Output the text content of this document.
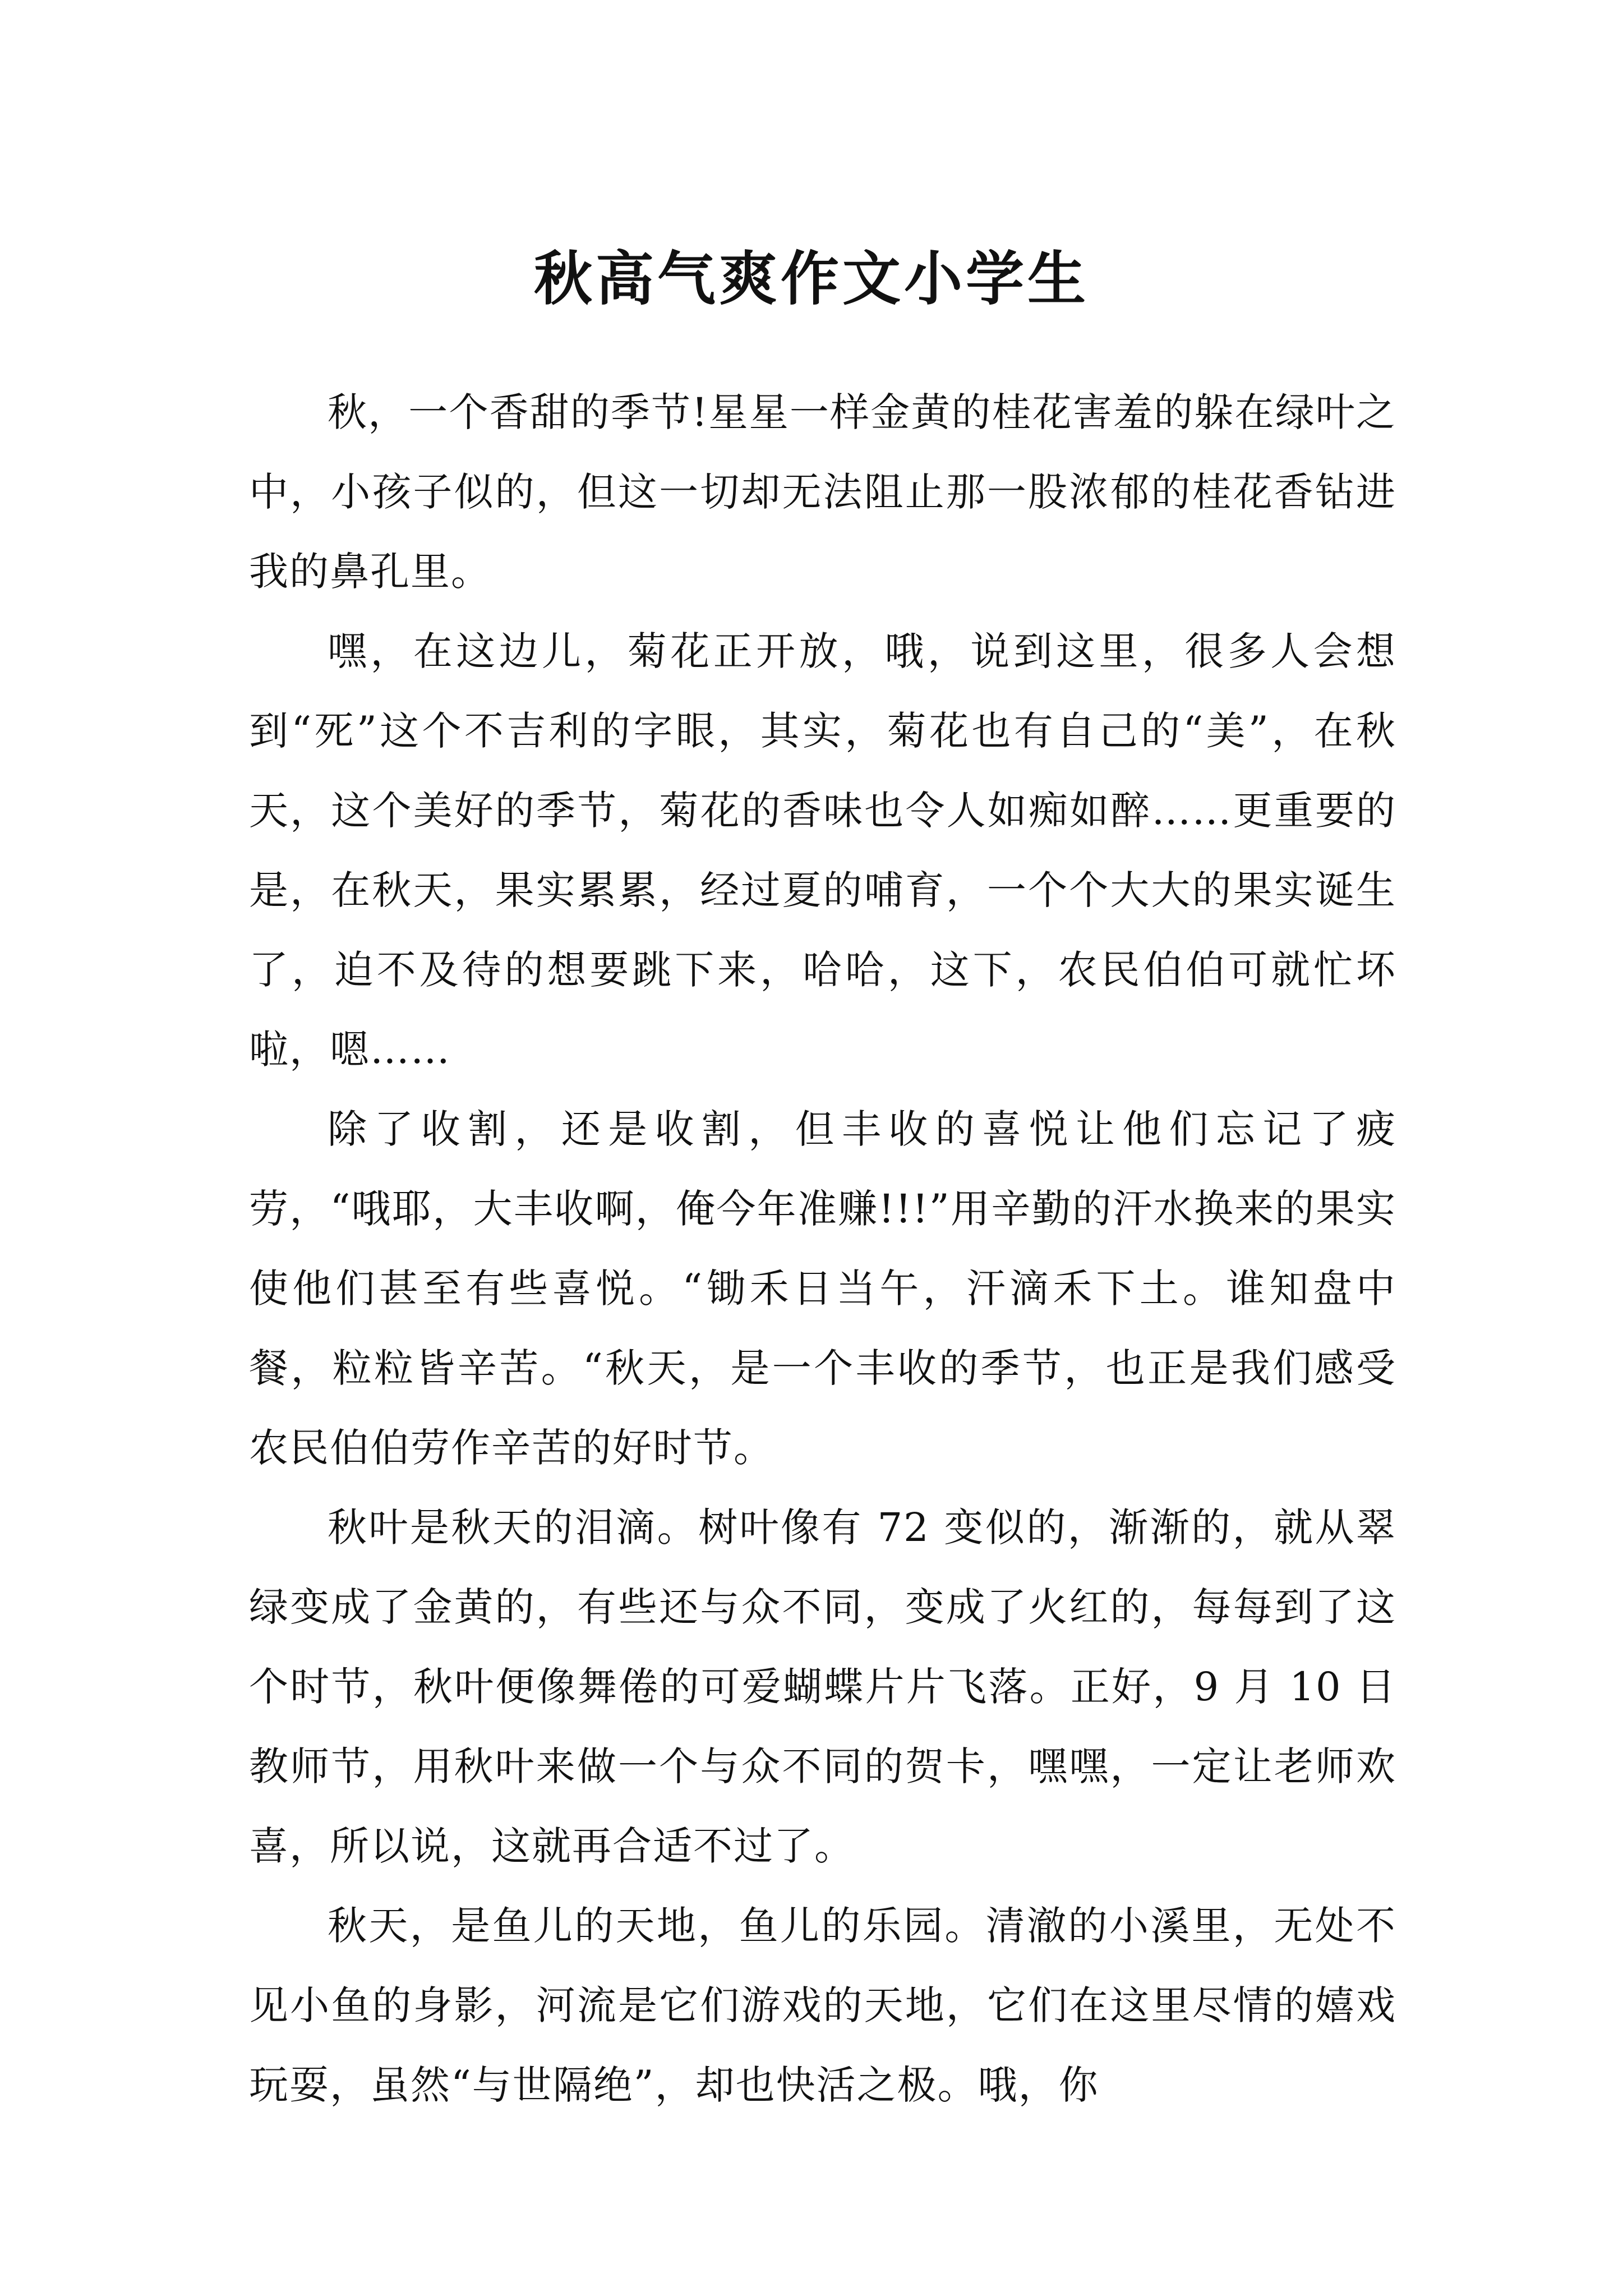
秋高气爽作文小学生

秋，一个香甜的季节!星星一样金黄的桂花害羞的躲在绿叶之中，小孩子似的，但这一切却无法阻止那一股浓郁的桂花香钻进我的鼻孔里。

嘿，在这边儿，菊花正开放，哦，说到这里，很多人会想到“死”这个不吉利的字眼，其实，菊花也有自己的“美”，在秋天，这个美好的季节，菊花的香味也令人如痴如醉……更重要的是，在秋天，果实累累，经过夏的哺育，一个个大大的果实诞生了，迫不及待的想要跳下来，哈哈，这下，农民伯伯可就忙坏啦，嗯……

除了收割，还是收割，但丰收的喜悦让他们忘记了疲劳，“哦耶，大丰收啊，俺今年准赚!!!”用辛勤的汗水换来的果实使他们甚至有些喜悦。“锄禾日当午，汗滴禾下土。谁知盘中餐，粒粒皆辛苦。“秋天，是一个丰收的季节，也正是我们感受农民伯伯劳作辛苦的好时节。

秋叶是秋天的泪滴。树叶像有 72 变似的，渐渐的，就从翠绿变成了金黄的，有些还与众不同，变成了火红的，每每到了这个时节，秋叶便像舞倦的可爱蝴蝶片片飞落。正好，9 月 10 日教师节，用秋叶来做一个与众不同的贺卡，嘿嘿，一定让老师欢喜，所以说，这就再合适不过了。

秋天，是鱼儿的天地，鱼儿的乐园。清澈的小溪里，无处不见小鱼的身影，河流是它们游戏的天地，它们在这里尽情的嬉戏玩耍，虽然“与世隔绝”，却也快活之极。哦，你
